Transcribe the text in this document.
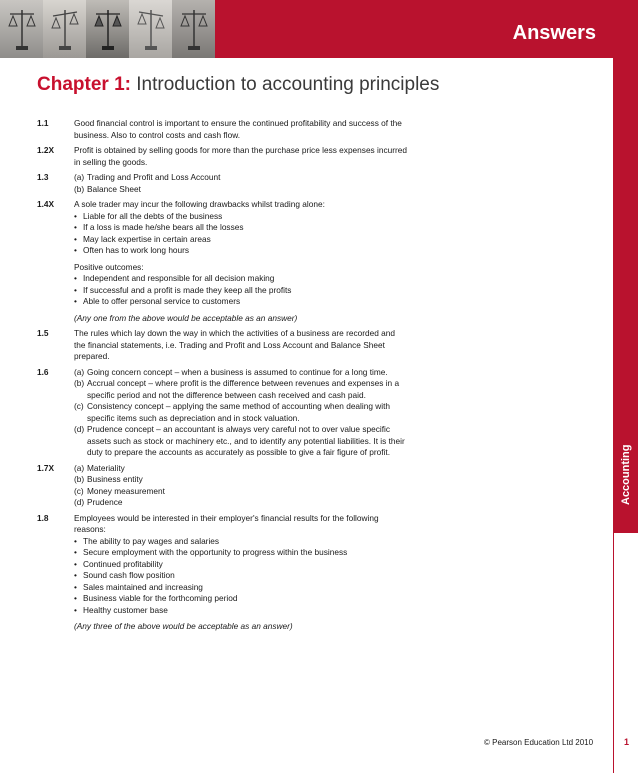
Answers
Accounting
Chapter 1: Introduction to accounting principles
1.1	Good financial control is important to ensure the continued profitability and success of the business. Also to control costs and cash flow.

1.2X	Profit is obtained by selling goods for more than the purchase price less expenses incurred in selling the goods.

1.3	(a) Trading and Profit and Loss Account
(b) Balance Sheet
1.4X	A sole trader may incur the following drawbacks whilst trading alone:

• Liable for all the debts of the business
• If a loss is made he/she bears all the losses
• May lack expertise in certain areas
• Often has to work long hours

Positive outcomes:

• Independent and responsible for all decision making
• If successful and a profit is made they keep all the profits
• Able to offer personal service to customers

(Any one from the above would be acceptable as an answer)

1.5	The rules which lay down the way in which the activities of a business are recorded and the financial statements, i.e. Trading and Profit and Loss Account and Balance Sheet prepared.

1.6	(a) Going concern concept – when a business is assumed to continue for a long time.
(b) Accrual concept – where profit is the difference between revenues and expenses in a specific period and not the difference between cash received and cash paid.
(c) Consistency concept – applying the same method of accounting when dealing with specific items such as depreciation and in stock valuation.
(d) Prudence concept – an accountant is always very careful not to over value specific assets such as stock or machinery etc., and to identify any potential liabilities. It is their duty to prepare the accounts as accurately as possible to give a fair figure of profit.
1.7X	(a) Materiality
(b) Business entity
(c) Money measurement
(d) Prudence
1.8	Employees would be interested in their employer's financial results for the following reasons:

• The ability to pay wages and salaries
• Secure employment with the opportunity to progress within the business
• Continued profitability
• Sound cash flow position
• Sales maintained and increasing
• Business viable for the forthcoming period
• Healthy customer base

(Any three of the above would be acceptable as an answer)

© Pearson Education Ltd 2010	1
